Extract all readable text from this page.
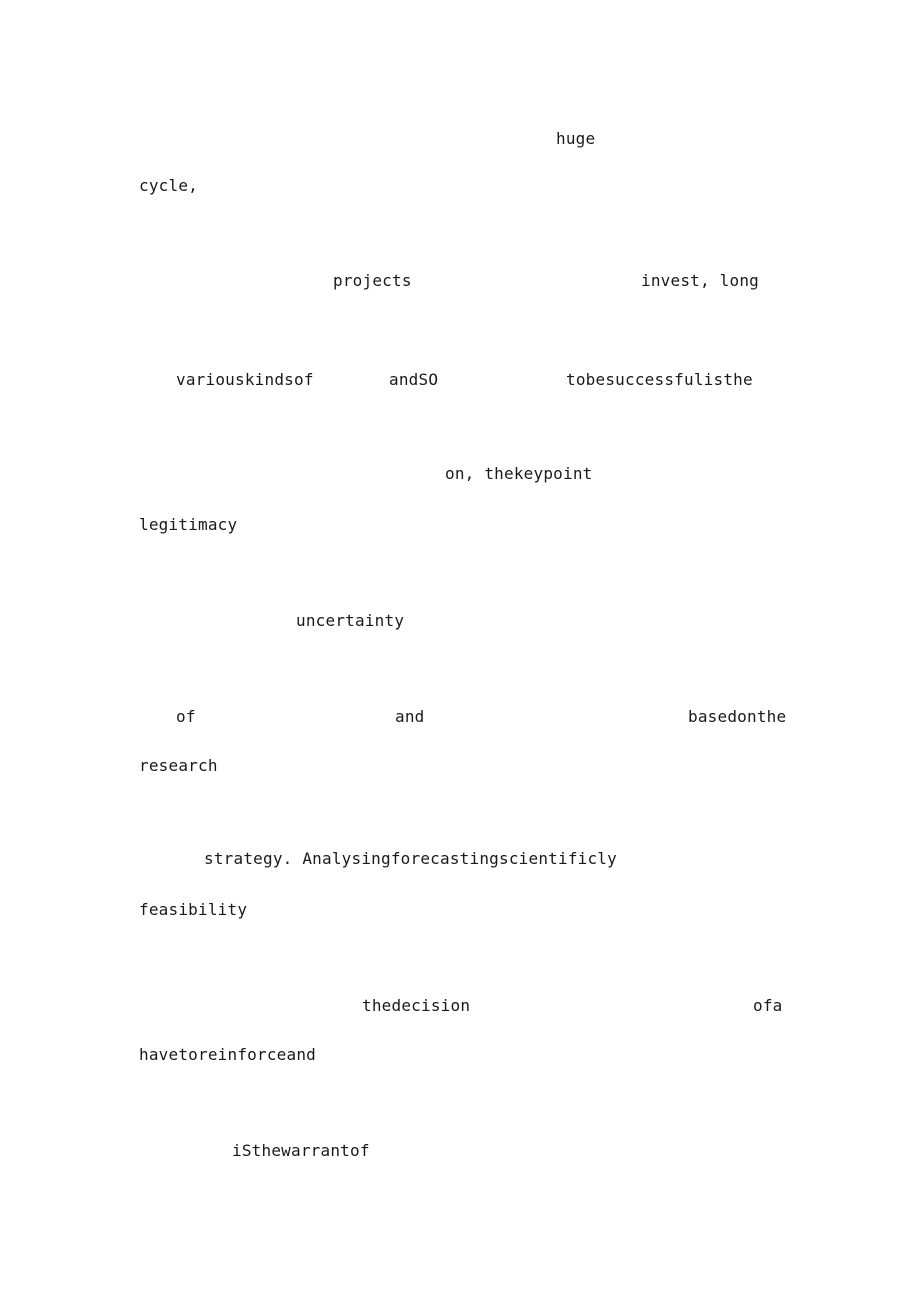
huge
cycle,
projects	invest, long
variouskindsof	andSO	tobesuccessfulisthe
on, thekeypoint
legitimacy
uncertainty
of	and	basedonthe
research
strategy. Analysingforecastingscientificly
feasibility
thedecision	ofa
havetoreinforceand
iSthewarrantof
